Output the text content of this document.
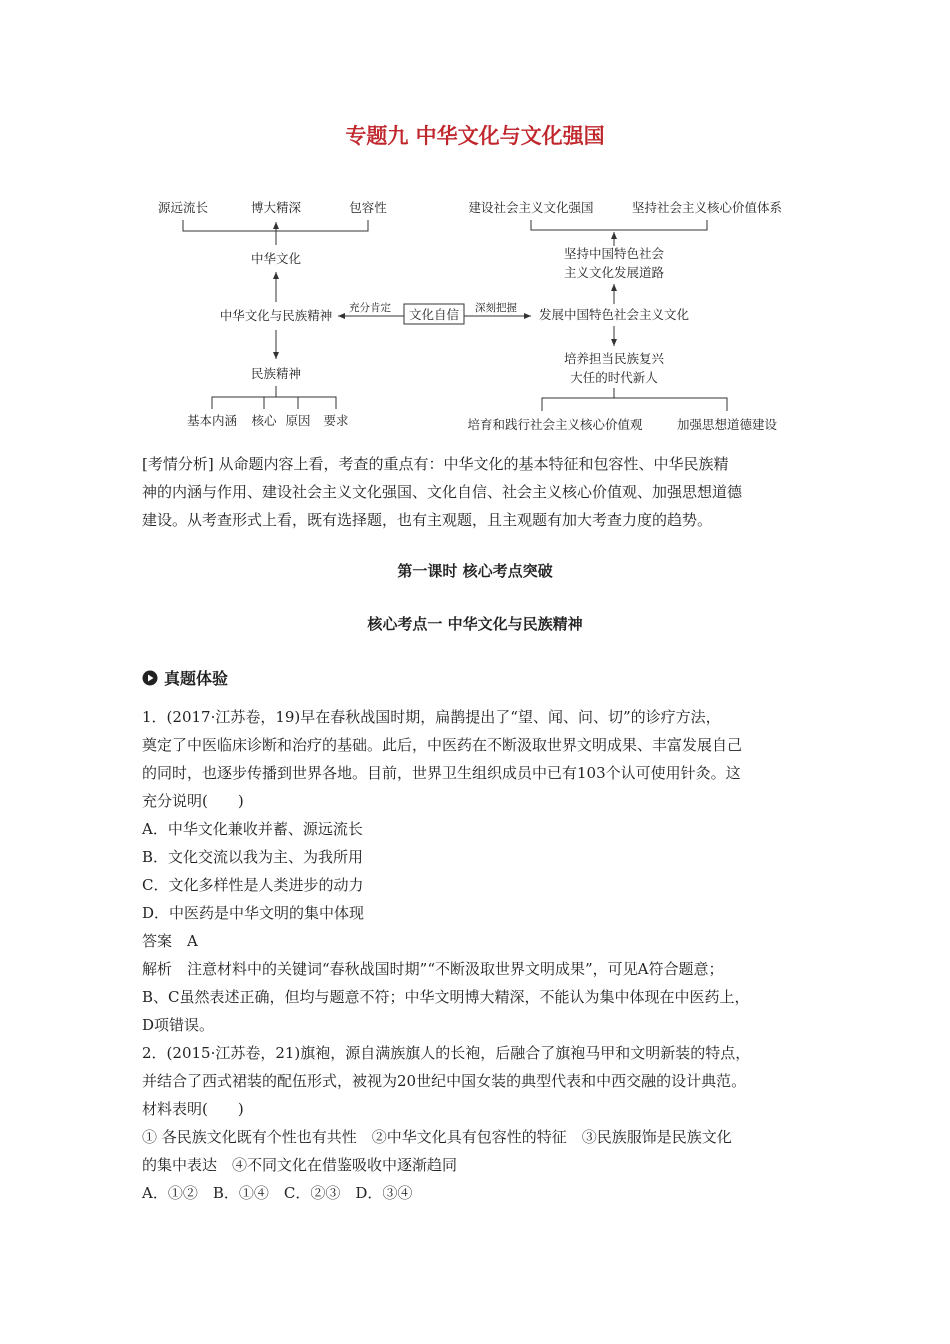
专题九 中华文化与文化强国
源远流长	博大精深	包容性
中华文化
中华文化与民族精神
民族精神
基本内涵 核心 原因 要求
文化自信
充分肯定	深刻把握
建设社会主义文化强国	坚持社会主义核心价值体系
坚持中国特色社会
主义文化发展道路
发展中国特色社会主义文化
培养担当民族复兴
大任的时代新人
培育和践行社会主义核心价值观	加强思想道德建设
[考情分析] 从命题内容上看，考查的重点有：中华文化的基本特征和包容性、中华民族精
神的内涵与作用、建设社会主义文化强国、文化自信、社会主义核心价值观、加强思想道德
建设。从考查形式上看，既有选择题，也有主观题，且主观题有加大考查力度的趋势。
第一课时 核心考点突破
核心考点一 中华文化与民族精神
真题体验
1．(2017·江苏卷，19)早在春秋战国时期，扁鹊提出了“望、闻、问、切”的诊疗方法，
奠定了中医临床诊断和治疗的基础。此后，中医药在不断汲取世界文明成果、丰富发展自己
的同时，也逐步传播到世界各地。目前，世界卫生组织成员中已有103个认可使用针灸。这
充分说明(　　)
A．中华文化兼收并蓄、源远流长
B．文化交流以我为主、为我所用
C．文化多样性是人类进步的动力
D．中医药是中华文明的集中体现
答案　A
解析　注意材料中的关键词“春秋战国时期”“不断汲取世界文明成果”，可见A符合题意；
B、C虽然表述正确，但均与题意不符；中华文明博大精深，不能认为集中体现在中医药上，
D项错误。
2．(2015·江苏卷，21)旗袍，源自满族旗人的长袍，后融合了旗袍马甲和文明新装的特点，
并结合了西式裙装的配伍形式，被视为20世纪中国女装的典型代表和中西交融的设计典范。
材料表明(　　)
① 各民族文化既有个性也有共性　②中华文化具有包容性的特征　③民族服饰是民族文化
的集中表达　④不同文化在借鉴吸收中逐渐趋同
A．①②　B．①④　C．②③　D．③④
